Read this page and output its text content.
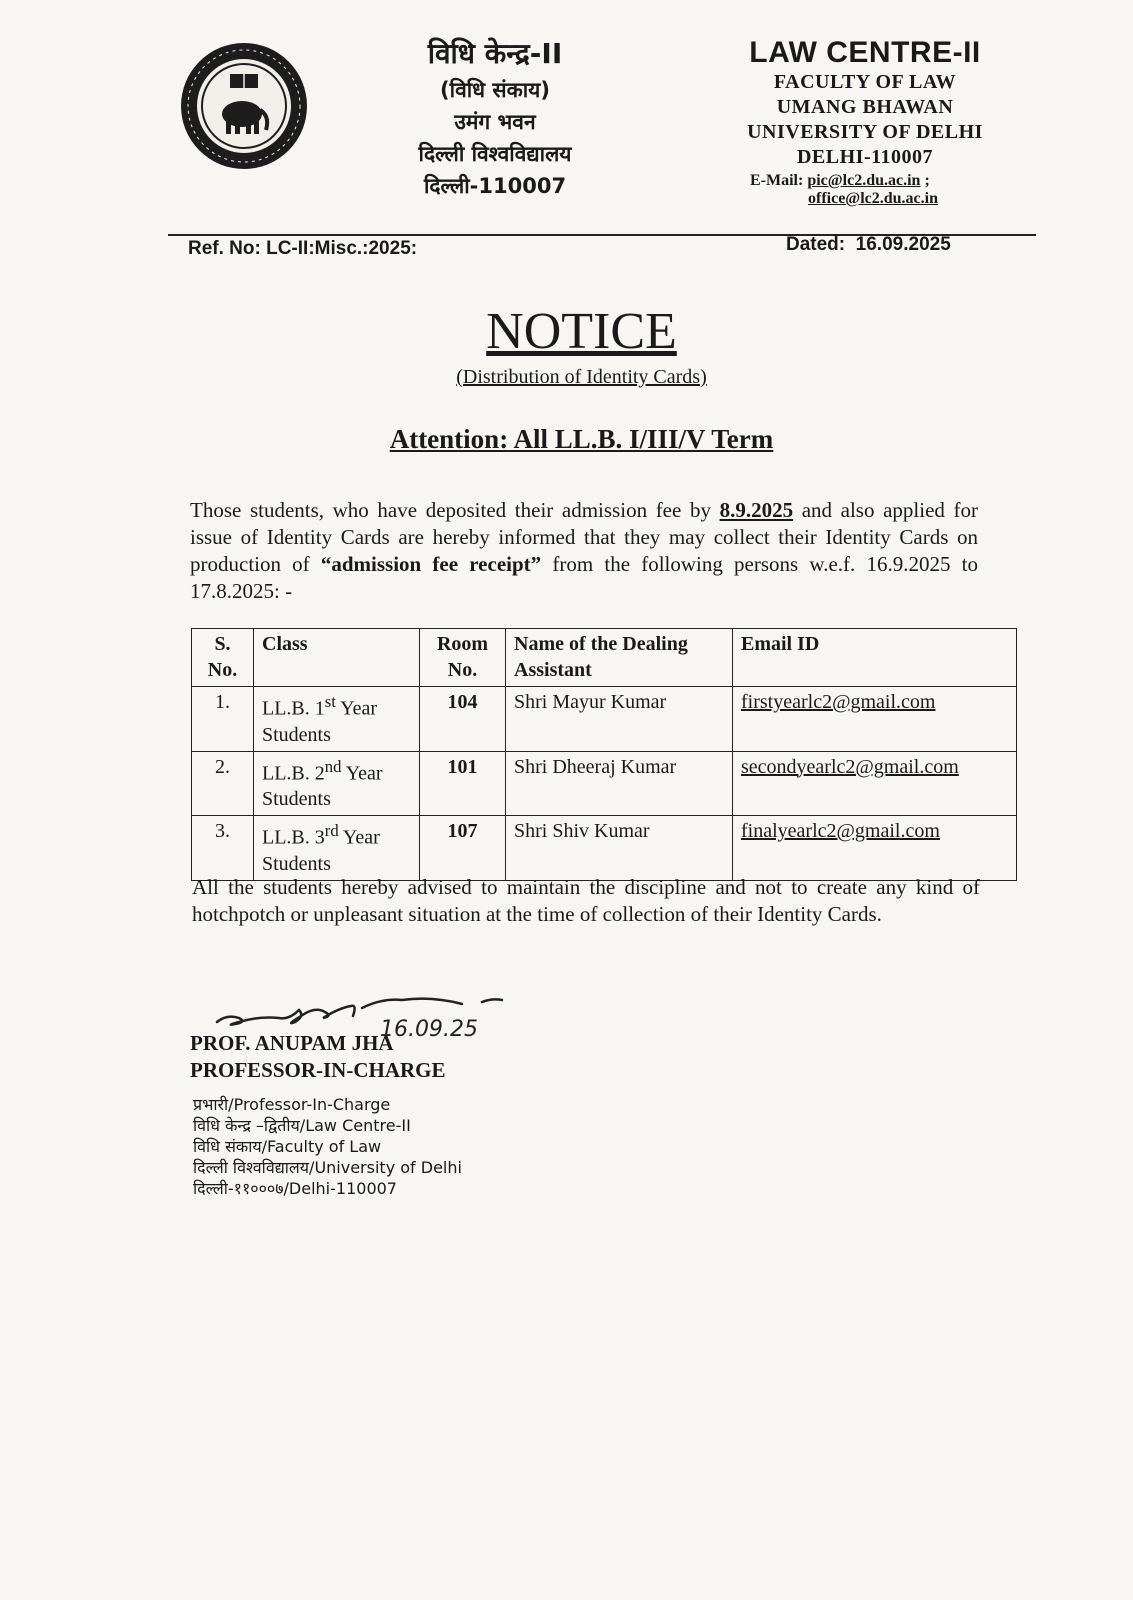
विधि केन्द्र-II
(विधि संकाय)
उमंग भवन
दिल्ली विश्वविद्यालय
दिल्ली-110007
LAW CENTRE-II
FACULTY OF LAW
UMANG BHAWAN
UNIVERSITY OF DELHI
DELHI-110007
E-Mail: pic@lc2.du.ac.in ;
office@lc2.du.ac.in
Ref. No: LC-II:Misc.:2025:	Dated:  16.09.2025
NOTICE
(Distribution of Identity Cards)
Attention: All LL.B. I/III/V Term
Those students, who have deposited their admission fee by 8.9.2025 and also applied for issue of Identity Cards are hereby informed that they may collect their Identity Cards on production of “admission fee receipt” from the following persons w.e.f. 16.9.2025 to 17.8.2025: -
S. No.	Class	Room No.	Name of the Dealing Assistant	Email ID
1.	LL.B. 1st Year Students	104	Shri Mayur Kumar	firstyearlc2@gmail.com
2.	LL.B. 2nd Year Students	101	Shri Dheeraj Kumar	secondyearlc2@gmail.com
3.	LL.B. 3rd Year Students	107	Shri Shiv Kumar	finalyearlc2@gmail.com
All the students hereby advised to maintain the discipline and not to create any kind of hotchpotch or unpleasant situation at the time of collection of their Identity Cards.
16.09.25
PROF. ANUPAM JHA
PROFESSOR-IN-CHARGE
प्रभारी/Professor-In-Charge
विधि केन्द्र –द्वितीय/Law Centre-II
विधि संकाय/Faculty of Law
दिल्ली विश्वविद्यालय/University of Delhi
दिल्ली-११०००७/Delhi-110007
